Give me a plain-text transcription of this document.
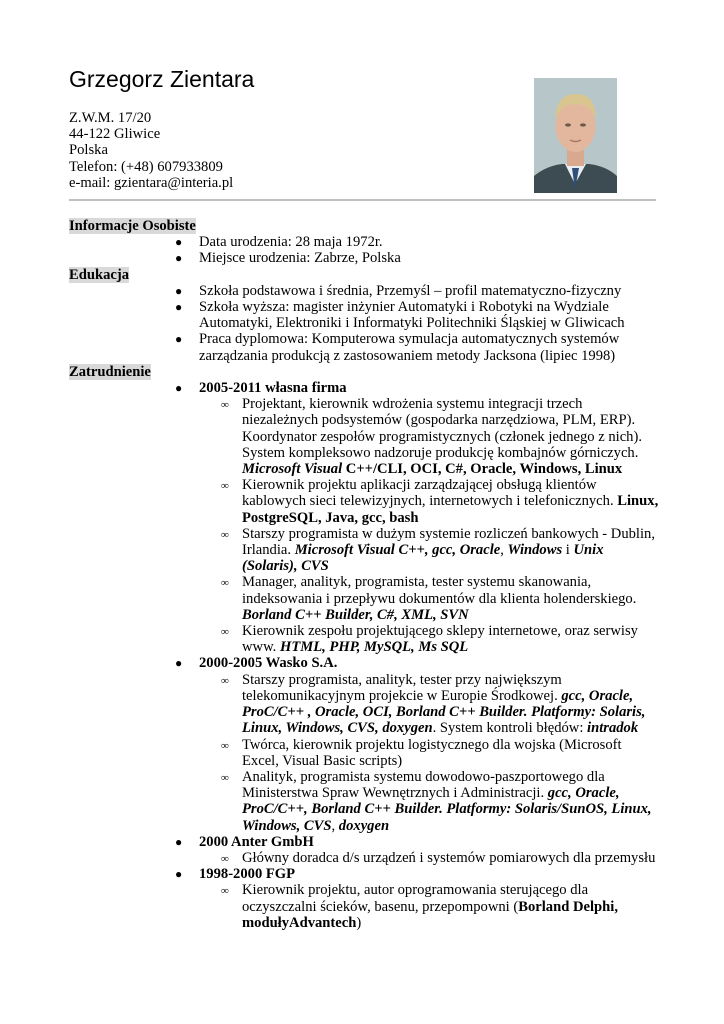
Grzegorz Zientara
Z.W.M. 17/20
44-122 Gliwice
Polska
Telefon: (+48) 607933809
e-mail: gzientara@interia.pl
Informacje Osobiste
● Data urodzenia: 28 maja 1972r.
● Miejsce urodzenia: Zabrze, Polska
Edukacja
● Szkoła podstawowa i średnia, Przemyśl – profil matematyczno-fizyczny
● Szkoła wyższa: magister inżynier Automatyki i Robotyki na Wydziale Automatyki, Elektroniki i Informatyki Politechniki Śląskiej w Gliwicach
● Praca dyplomowa: Komputerowa symulacja automatycznych systemów zarządzania produkcją z zastosowaniem metody Jacksona (lipiec 1998)
Zatrudnienie
● 2005-2011 własna firma
∞ Projektant, kierownik wdrożenia systemu integracji trzech niezależnych podsystemów (gospodarka narzędziowa, PLM, ERP). Koordynator zespołów programistycznych (członek jednego z nich). System kompleksowo nadzoruje produkcję kombajnów górniczych. Microsoft Visual C++/CLI, OCI, C#, Oracle, Windows, Linux
∞ Kierownik projektu aplikacji zarządzającej obsługą klientów kablowych sieci telewizyjnych, internetowych i telefonicznych. Linux, PostgreSQL, Java, gcc, bash
∞ Starszy programista w dużym systemie rozliczeń bankowych - Dublin, Irlandia. Microsoft Visual C++, gcc, Oracle, Windows i Unix (Solaris), CVS
∞ Manager, analityk, programista, tester systemu skanowania, indeksowania i przepływu dokumentów dla klienta holenderskiego. Borland C++ Builder, C#, XML, SVN
∞ Kierownik zespołu projektującego sklepy internetowe, oraz serwisy www. HTML, PHP, MySQL, Ms SQL
● 2000-2005 Wasko S.A.
∞ Starszy programista, analityk, tester przy największym telekomunikacyjnym projekcie w Europie Środkowej. gcc, Oracle, ProC/C++ , Oracle, OCI, Borland C++ Builder. Platformy: Solaris, Linux, Windows, CVS, doxygen. System kontroli błędów: intradok
∞ Twórca, kierownik projektu logistycznego dla wojska (Microsoft Excel, Visual Basic scripts)
∞ Analityk, programista systemu dowodowo-paszportowego dla Ministerstwa Spraw Wewnętrznych i Administracji. gcc, Oracle, ProC/C++, Borland C++ Builder. Platformy: Solaris/SunOS, Linux, Windows, CVS, doxygen
● 2000 Anter GmbH
∞ Główny doradca d/s urządzeń i systemów pomiarowych dla przemysłu
● 1998-2000 FGP
∞ Kierownik projektu, autor oprogramowania sterującego dla oczyszczalni ścieków, basenu, przepompowni (Borland Delphi, modułyAdvantech)
